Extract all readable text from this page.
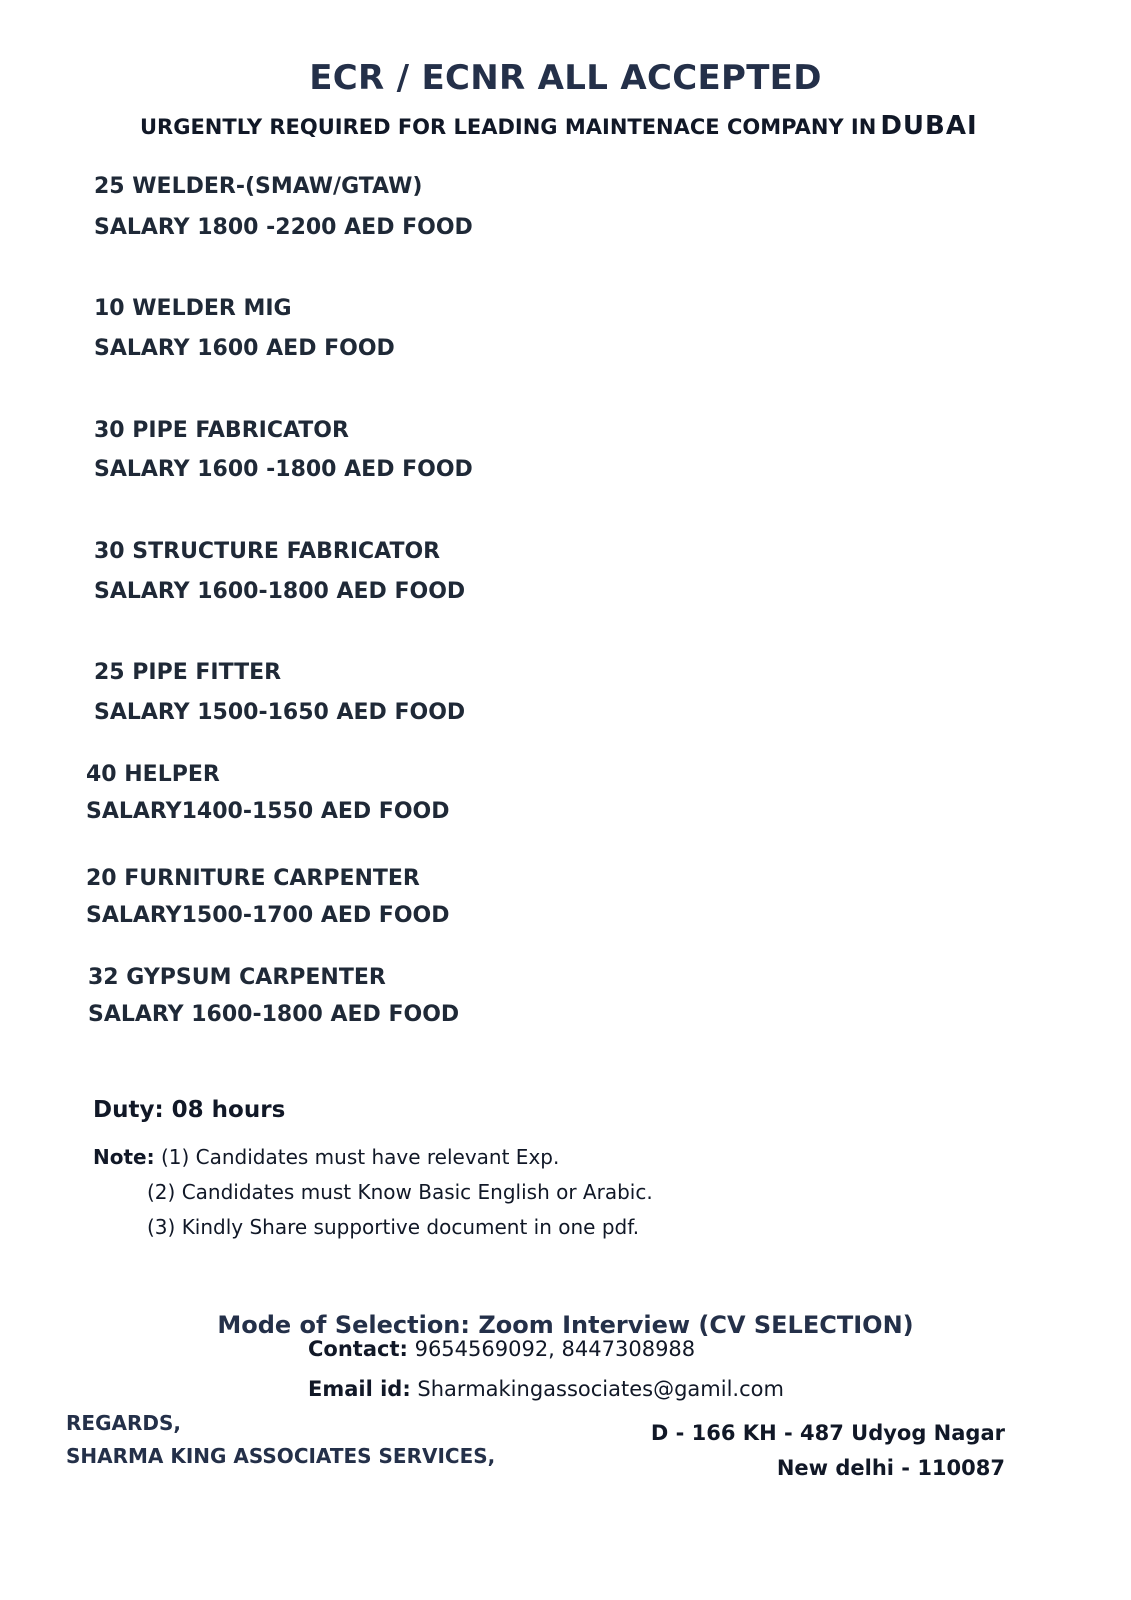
ECR / ECNR ALL ACCEPTED
URGENTLY REQUIRED FOR LEADING MAINTENACE COMPANY IN DUBAI
25 WELDER-(SMAW/GTAW)
SALARY 1800 -2200 AED FOOD
10 WELDER MIG
SALARY 1600 AED FOOD
30 PIPE FABRICATOR
SALARY 1600 -1800 AED FOOD
30 STRUCTURE FABRICATOR
SALARY 1600-1800 AED FOOD
25 PIPE FITTER
SALARY 1500-1650 AED FOOD
40 HELPER
SALARY1400-1550 AED FOOD
20 FURNITURE CARPENTER
SALARY1500-1700 AED FOOD
32 GYPSUM CARPENTER
SALARY 1600-1800 AED FOOD
Duty: 08 hours
Note: (1) Candidates must have relevant Exp.
(2) Candidates must Know Basic English or Arabic.
(3) Kindly Share supportive document in one pdf.
Mode of Selection: Zoom Interview (CV SELECTION)
Contact: 9654569092, 8447308988
Email id: Sharmakingassociates@gamil.com
REGARDS,
SHARMA KING ASSOCIATES SERVICES,
D - 166 KH - 487 Udyog Nagar
New delhi - 110087
